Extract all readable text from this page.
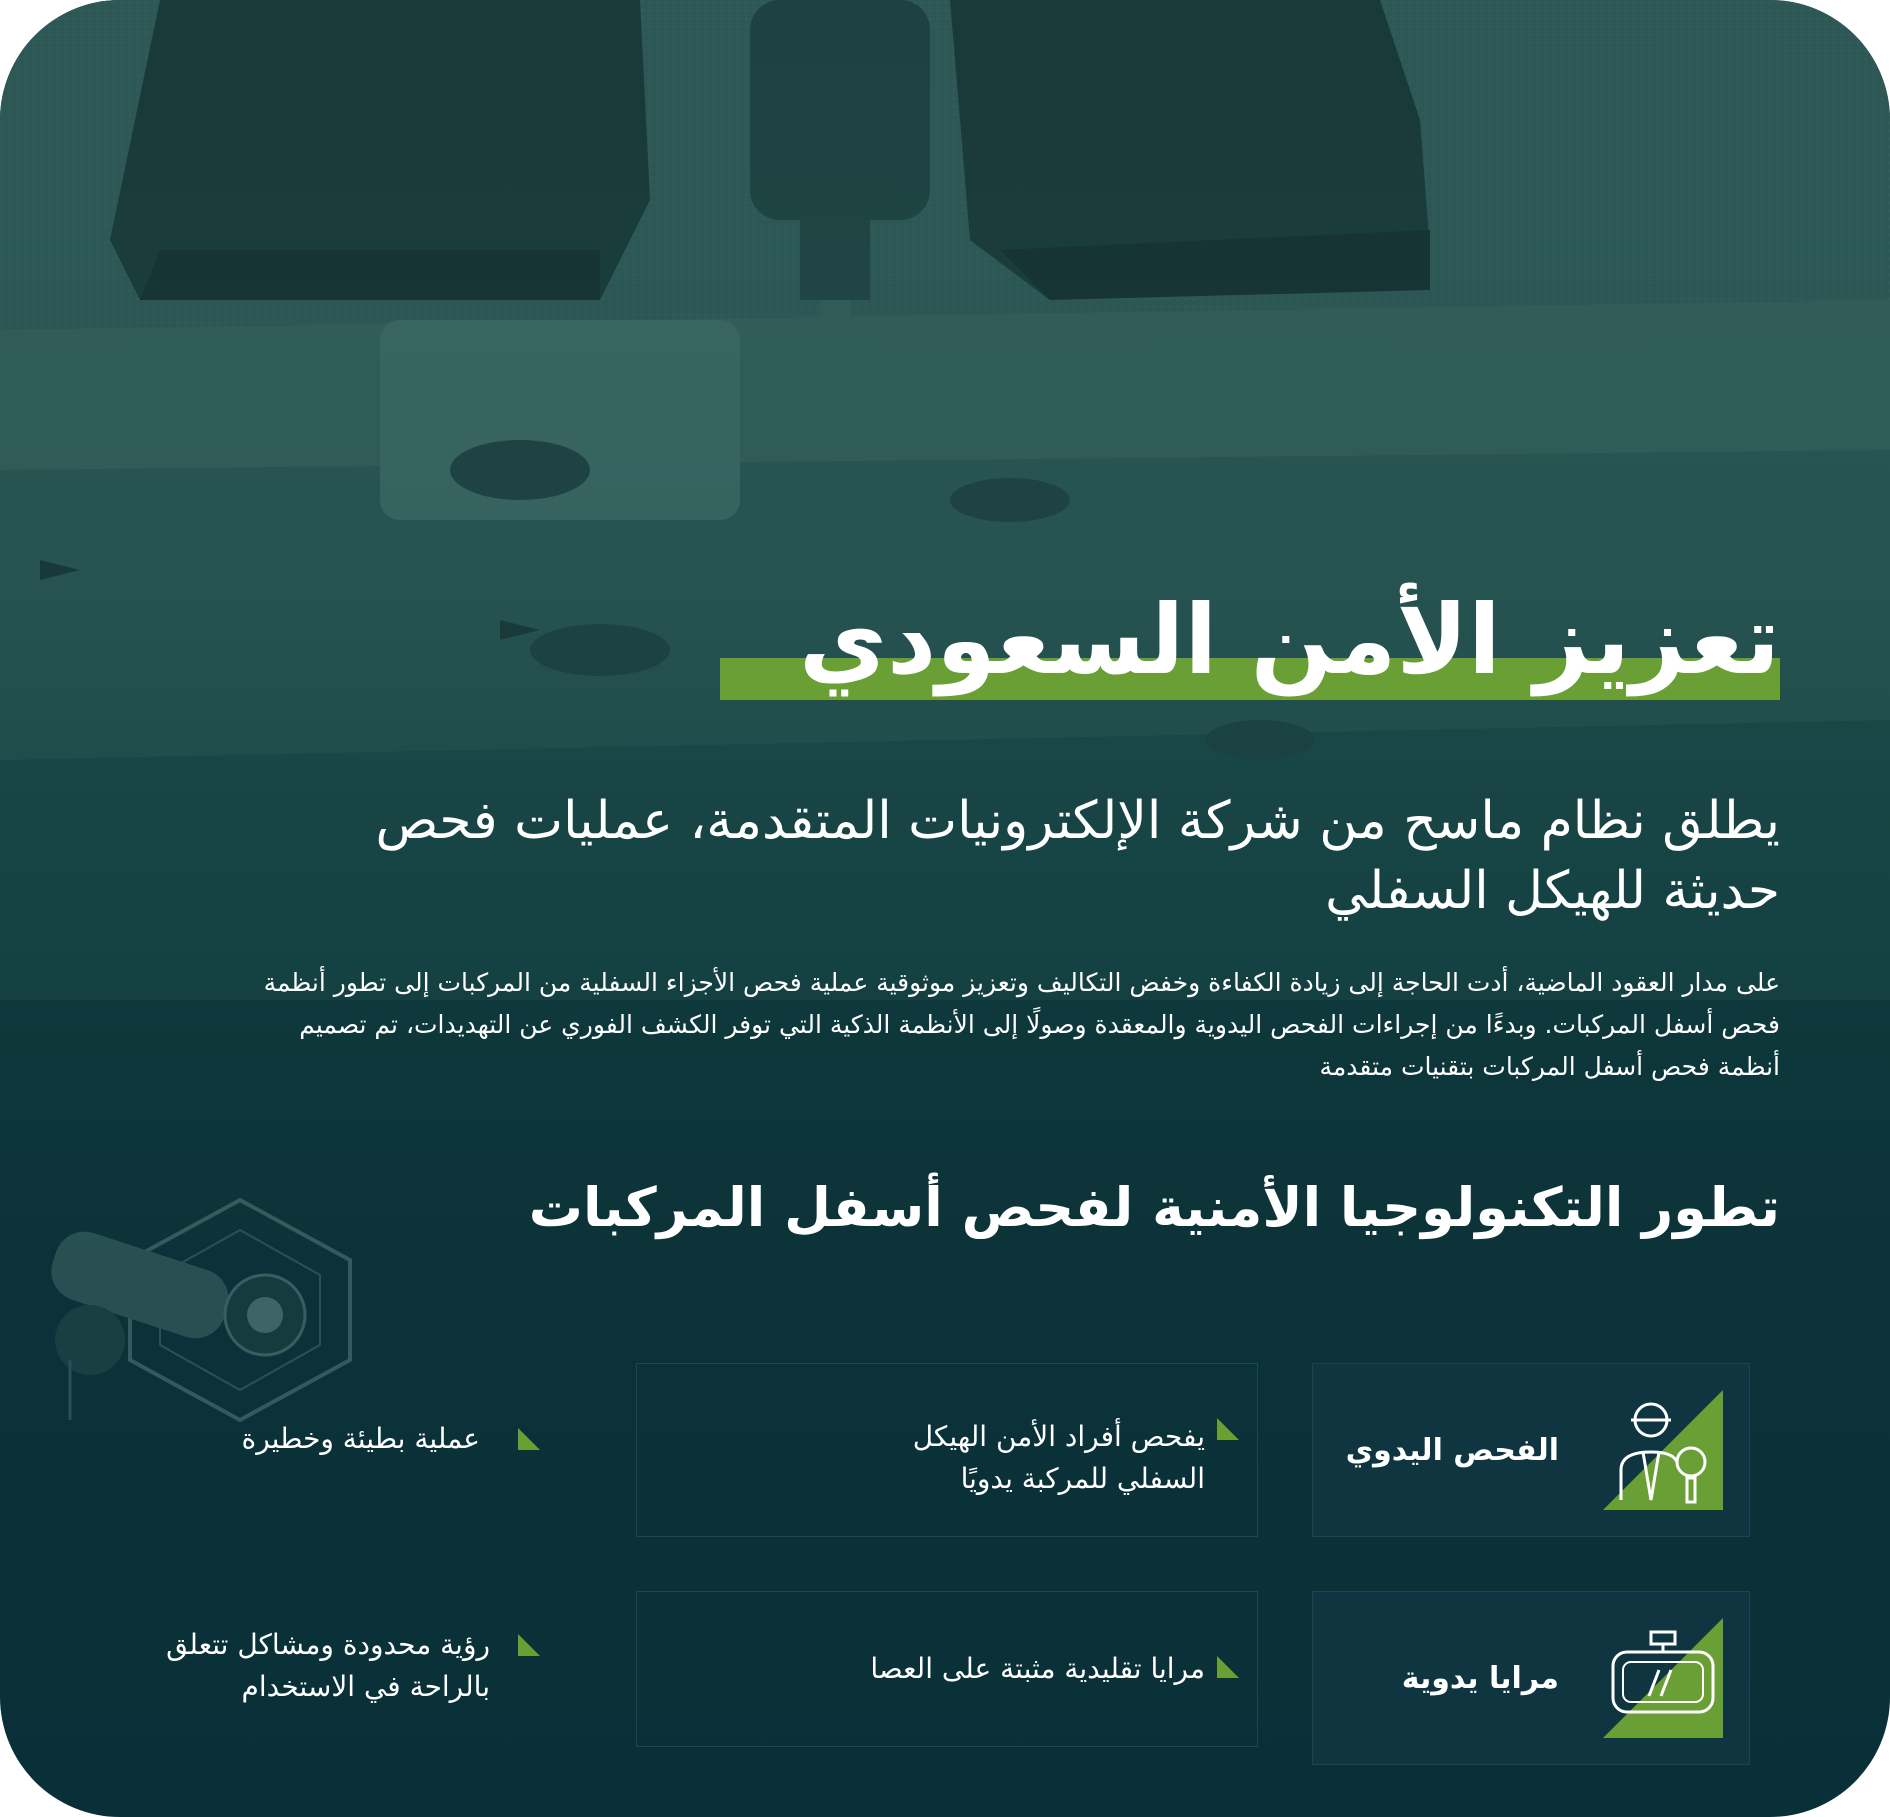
تعزيز الأمن السعودي
يطلق نظام ماسح من شركة الإلكترونيات المتقدمة، عمليات فحص حديثة للهيكل السفلي
على مدار العقود الماضية، أدت الحاجة إلى زيادة الكفاءة وخفض التكاليف وتعزيز موثوقية عملية فحص الأجزاء السفلية من المركبات إلى تطور أنظمة فحص أسفل المركبات. وبدءًا من إجراءات الفحص اليدوية والمعقدة وصولًا إلى الأنظمة الذكية التي توفر الكشف الفوري عن التهديدات، تم تصميم أنظمة فحص أسفل المركبات بتقنيات متقدمة
تطور التكنولوجيا الأمنية لفحص أسفل المركبات
الفحص اليدوي
يفحص أفراد الأمن الهيكل السفلي للمركبة يدويًا
عملية بطيئة وخطيرة
مرايا يدوية
مرايا تقليدية مثبتة على العصا
رؤية محدودة ومشاكل تتعلق بالراحة في الاستخدام
